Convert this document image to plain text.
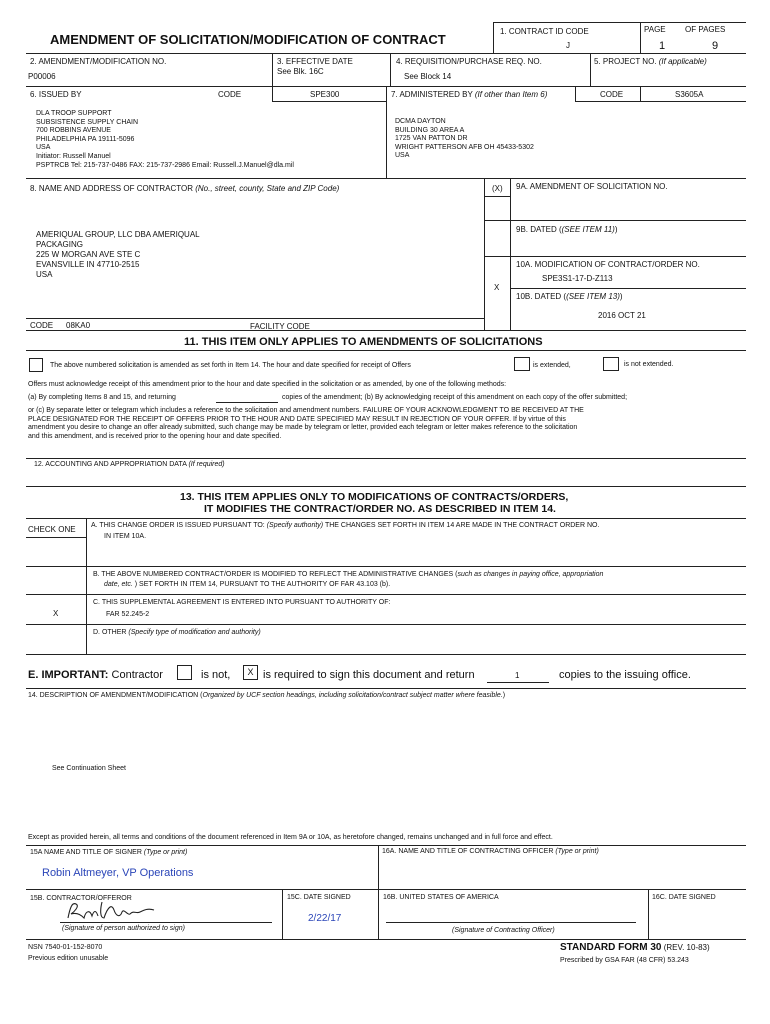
AMENDMENT OF SOLICITATION/MODIFICATION OF CONTRACT
1. CONTRACT ID CODE
J
PAGE OF PAGES
1	9
2. AMENDMENT/MODIFICATION NO.
P00006
3. EFFECTIVE DATE
See Blk. 16C
4. REQUISITION/PURCHASE REQ. NO.
See Block 14
5. PROJECT NO. (If applicable)
6. ISSUED BY	CODE	SPE300	7. ADMINISTERED BY (If other than Item 6)	CODE	S3605A
DLA TROOP SUPPORT
SUBSISTENCE SUPPLY CHAIN
700 ROBBINS AVENUE
PHILADELPHIA PA 19111-5096
USA
Initiator: Russell Manuel
PSPTRCB Tel: 215-737-0486 FAX: 215-737-2986 Email: Russell.J.Manuel@dla.mil
DCMA DAYTON
BUILDING 30 AREA A
1725 VAN PATTON DR
WRIGHT PATTERSON AFB OH 45433-5302
USA
8. NAME AND ADDRESS OF CONTRACTOR (No., street, county, State and ZIP Code)	(X) 9A. AMENDMENT OF SOLICITATION NO.
9B. DATED ((SEE ITEM 11))
10A. MODIFICATION OF CONTRACT/ORDER NO.
SPE3S1-17-D-Z113
X
10B. DATED ((SEE ITEM 13))
2016 OCT 21
AMERIQUAL GROUP, LLC DBA AMERIQUAL
PACKAGING
225 W MORGAN AVE STE C
EVANSVILLE IN 47710-2515
USA
CODE 08KA0	FACILITY CODE
11. THIS ITEM ONLY APPLIES TO AMENDMENTS OF SOLICITATIONS
The above numbered solicitation is amended as set forth in Item 14. The hour and date specified for receipt of Offers	is extended,	is not extended.
Offers must acknowledge receipt of this amendment prior to the hour and date specified in the solicitation or as amended, by one of the following methods:
(a) By completing Items 8 and 15, and returning	copies of the amendment; (b) By acknowledging receipt of this amendment on each copy of the offer submitted;
or (c) By separate letter or telegram which includes a reference to the solicitation and amendment numbers. FAILURE OF YOUR ACKNOWLEDGMENT TO BE RECEIVED AT THE
PLACE DESIGNATED FOR THE RECEIPT OF OFFERS PRIOR TO THE HOUR AND DATE SPECIFIED MAY RESULT IN REJECTION OF YOUR OFFER. If by virtue of this
amendment you desire to change an offer already submitted, such change may be made by telegram or letter, provided each telegram or letter makes reference to the solicitation
and this amendment, and is received prior to the opening hour and date specified.
12. ACCOUNTING AND APPROPRIATION DATA (If required)
13. THIS ITEM APPLIES ONLY TO MODIFICATIONS OF CONTRACTS/ORDERS,
IT MODIFIES THE CONTRACT/ORDER NO. AS DESCRIBED IN ITEM 14.
CHECK ONE A. THIS CHANGE ORDER IS ISSUED PURSUANT TO: (Specify authority) THE CHANGES SET FORTH IN ITEM 14 ARE MADE IN THE CONTRACT ORDER NO.
IN ITEM 10A.
B. THE ABOVE NUMBERED CONTRACT/ORDER IS MODIFIED TO REFLECT THE ADMINISTRATIVE CHANGES (such as changes in paying office, appropriation
date, etc. ) SET FORTH IN ITEM 14, PURSUANT TO THE AUTHORITY OF FAR 43.103 (b).
C. THIS SUPPLEMENTAL AGREEMENT IS ENTERED INTO PURSUANT TO AUTHORITY OF:
FAR 52.245-2
X
D. OTHER (Specify type of modification and authority)
E. IMPORTANT: Contractor	is not,	X is required to sign this document and return	1	copies to the issuing office.
14. DESCRIPTION OF AMENDMENT/MODIFICATION (Organized by UCF section headings, including solicitation/contract subject matter where feasible.)
See Continuation Sheet
Except as provided herein, all terms and conditions of the document referenced in Item 9A or 10A, as heretofore changed, remains unchanged and in full force and effect.
15A NAME AND TITLE OF SIGNER (Type or print)	16A. NAME AND TITLE OF CONTRACTING OFFICER (Type or print)
Robin Altmeyer, VP Operations
15B. CONTRACTOR/OFFEROR
(Signature of person authorized to sign)
15C. DATE SIGNED
2/22/17
16B. UNITED STATES OF AMERICA
(Signature of Contracting Officer)
16C. DATE SIGNED
NSN 7540-01-152-8070
Previous edition unusable
STANDARD FORM 30 (REV. 10-83)
Prescribed by GSA FAR (48 CFR) 53.243
